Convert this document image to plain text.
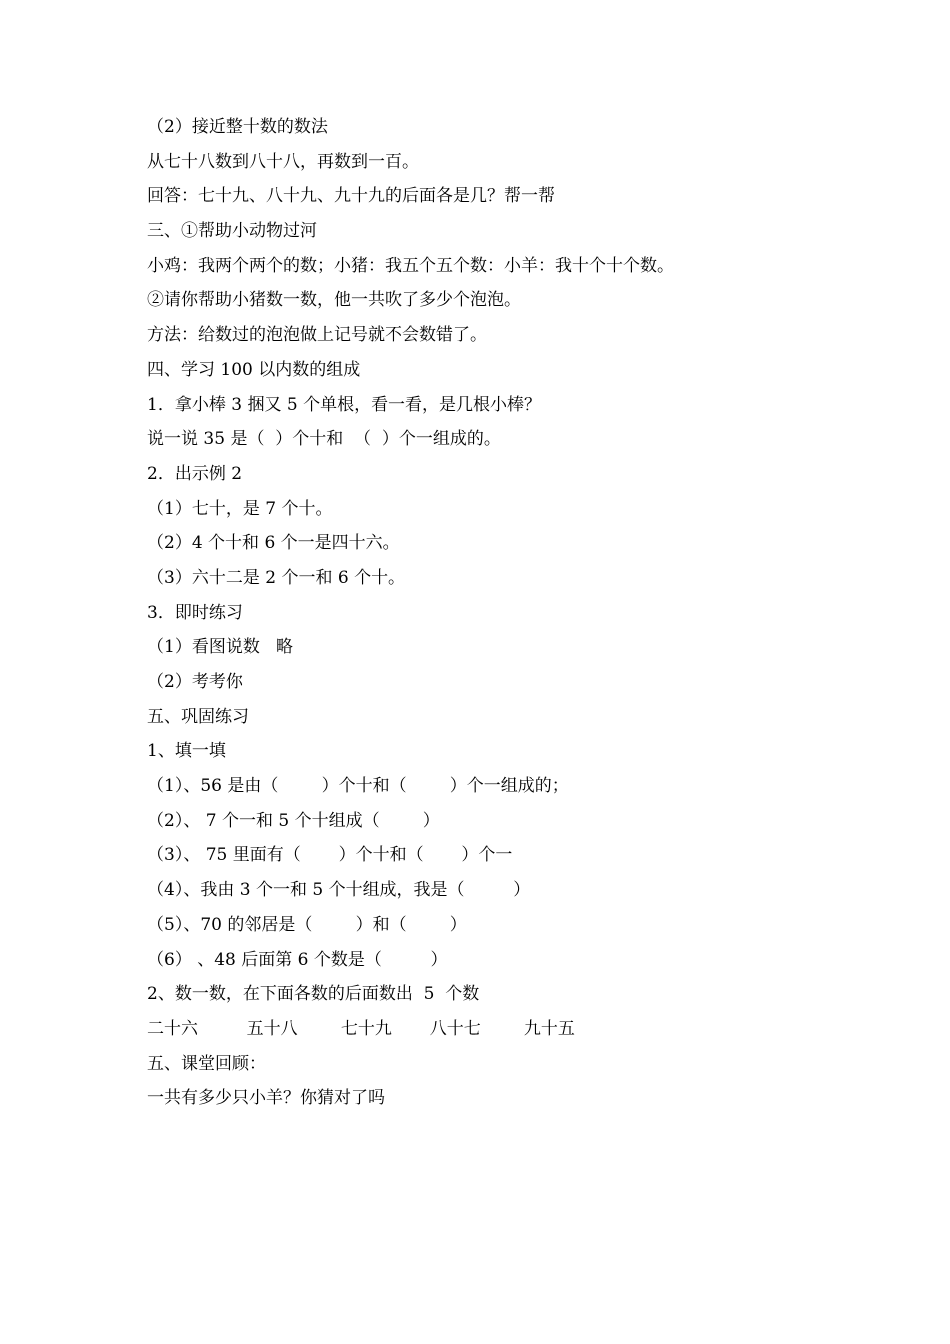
（2）接近整十数的数法
从七十八数到八十八，再数到一百。
回答：七十九、八十九、九十九的后面各是几？帮一帮
三、①帮助小动物过河
小鸡：我两个两个的数；小猪：我五个五个数：小羊：我十个十个数。
②请你帮助小猪数一数，他一共吹了多少个泡泡。
方法：给数过的泡泡做上记号就不会数错了。
四、学习 100 以内数的组成
1．拿小棒 3 捆又 5 个单根，看一看，是几根小棒？
说一说 35 是（  ）个十和  （  ）个一组成的。
2．出示例 2
（1）七十，是 7 个十。
（2）4 个十和 6 个一是四十六。
（3）六十二是 2 个一和 6 个十。
3．即时练习
（1）看图说数   略
（2）考考你
五、巩固练习
1、填一填
（1）、56 是由（        ）个十和（        ）个一组成的；
（2）、 7 个一和 5 个十组成（        ）
（3）、 75 里面有（       ）个十和（       ）个一
（4）、我由 3 个一和 5 个十组成，我是（         ）
（5）、70 的邻居是（        ）和（        ）
（6） 、48 后面第 6 个数是（         ）
2、数一数，在下面各数的后面数出  5  个数
二十六         五十八        七十九       八十七        九十五
五、课堂回顾：
一共有多少只小羊？你猜对了吗
